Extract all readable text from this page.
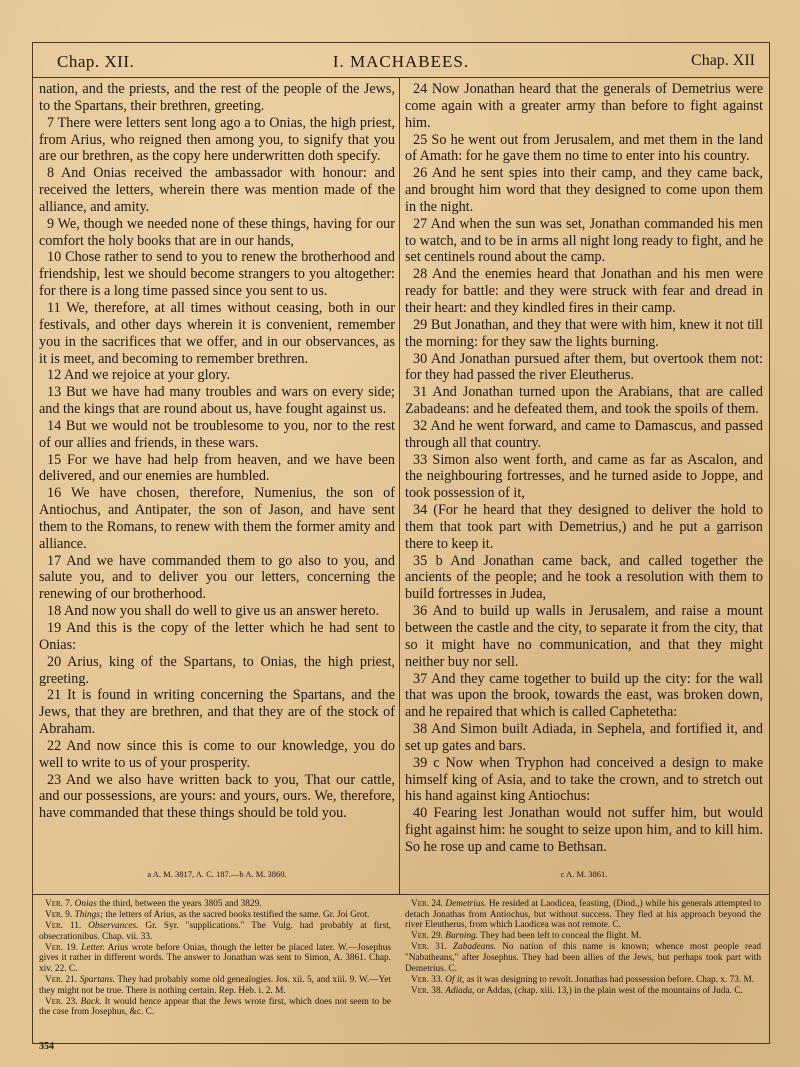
Chap. XII.	I. MACHABEES.	Chap. XII

nation, and the priests, and the rest of the people of the Jews, to the Spartans, their brethren, greeting.

7 There were letters sent long ago a to Onias, the high priest, from Arius, who reigned then among you, to signify that you are our brethren, as the copy here underwritten doth specify.

8 And Onias received the ambassador with honour: and received the letters, wherein there was mention made of the alliance, and amity.

9 We, though we needed none of these things, having for our comfort the holy books that are in our hands,

10 Chose rather to send to you to renew the brotherhood and friendship, lest we should become strangers to you altogether: for there is a long time passed since you sent to us.

11 We, therefore, at all times without ceasing, both in our festivals, and other days wherein it is convenient, remember you in the sacrifices that we offer, and in our observances, as it is meet, and becoming to remember brethren.

12 And we rejoice at your glory.

13 But we have had many troubles and wars on every side; and the kings that are round about us, have fought against us.

14 But we would not be troublesome to you, nor to the rest of our allies and friends, in these wars.

15 For we have had help from heaven, and we have been delivered, and our enemies are humbled.

16 We have chosen, therefore, Numenius, the son of Antiochus, and Antipater, the son of Jason, and have sent them to the Romans, to renew with them the former amity and alliance.

17 And we have commanded them to go also to you, and salute you, and to deliver you our letters, concerning the renewing of our brotherhood.

18 And now you shall do well to give us an answer hereto.

19 And this is the copy of the letter which he had sent to Onias:

20 Arius, king of the Spartans, to Onias, the high priest, greeting.

21 It is found in writing concerning the Spartans, and the Jews, that they are brethren, and that they are of the stock of Abraham.

22 And now since this is come to our knowledge, you do well to write to us of your prosperity.

23 And we also have written back to you, That our cattle, and our possessions, are yours: and yours, ours. We, therefore, have commanded that these things should be told you.

24 Now Jonathan heard that the generals of Demetrius were come again with a greater army than before to fight against him.

25 So he went out from Jerusalem, and met them in the land of Amath: for he gave them no time to enter into his country.

26 And he sent spies into their camp, and they came back, and brought him word that they designed to come upon them in the night.

27 And when the sun was set, Jonathan commanded his men to watch, and to be in arms all night long ready to fight, and he set centinels round about the camp.

28 And the enemies heard that Jonathan and his men were ready for battle: and they were struck with fear and dread in their heart: and they kindled fires in their camp.

29 But Jonathan, and they that were with him, knew it not till the morning: for they saw the lights burning.

30 And Jonathan pursued after them, but overtook them not: for they had passed the river Eleutherus.

31 And Jonathan turned upon the Arabians, that are called Zabadeans: and he defeated them, and took the spoils of them.

32 And he went forward, and came to Damascus, and passed through all that country.

33 Simon also went forth, and came as far as Ascalon, and the neighbouring fortresses, and he turned aside to Joppe, and took possession of it,

34 (For he heard that they designed to deliver the hold to them that took part with Demetrius,) and he put a garrison there to keep it.

35 b And Jonathan came back, and called together the ancients of the people; and he took a resolution with them to build fortresses in Judea,

36 And to build up walls in Jerusalem, and raise a mount between the castle and the city, to separate it from the city, that so it might have no communication, and that they might neither buy nor sell.

37 And they came together to build up the city: for the wall that was upon the brook, towards the east, was broken down, and he repaired that which is called Caphetetha:

38 And Simon built Adiada, in Sephela, and fortified it, and set up gates and bars.

39 c Now when Tryphon had conceived a design to make himself king of Asia, and to take the crown, and to stretch out his hand against king Antiochus:

40 Fearing lest Jonathan would not suffer him, but would fight against him: he sought to seize upon him, and to kill him. So he rose up and came to Bethsan.

a A. M. 3817, A. C. 187.—b A. M. 3860.	c A. M. 3861.

Ver. 7. Onias the third, between the years 3805 and 3829.

Ver. 9. Things; the letters of Arius, as the sacred books testified the same. Gr. Joi Grot.

Ver. 11. Observances. Gr. Syr. "supplications." The Vulg. had probably at first, obsecrationibus. Chap. vii. 33.

Ver. 19. Letter. Arius wrote before Onias, though the letter be placed later. W.—Josephus gives it rather in different words. The answer to Jonathan was sent to Simon, A. 3861. Chap. xiv. 22. C.

Ver. 21. Spartans. They had probably some old genealogies. Jos. xii. 5, and xiii. 9. W.—Yet they might not be true. There is nothing certain. Rep. Heb. i. 2. M.

Ver. 23. Back. It would hence appear that the Jews wrote first, which does not seem to be the case from Josephus, &c. C.

Ver. 24. Demetrius. He resided at Laodicea, feasting, (Diod.,) while his generals attempted to detach Jonathas from Antiochus, but without success. They fled at his approach beyond the river Eleutherus, from which Laodicea was not remote. C.

Ver. 29. Burning. They had been left to conceal the flight. M.

Ver. 31. Zabadeans. No nation of this name is known; whence most people read "Nabatheans," after Josephus. They had been allies of the Jews, but perhaps took part with Demetrius. C.

Ver. 33. Of it, as it was designing to revolt. Jonathas had possession before. Chap. x. 73. M.

Ver. 38. Adiada, or Addas, (chap. xiii. 13,) in the plain west of the mountains of Juda. C.

354
